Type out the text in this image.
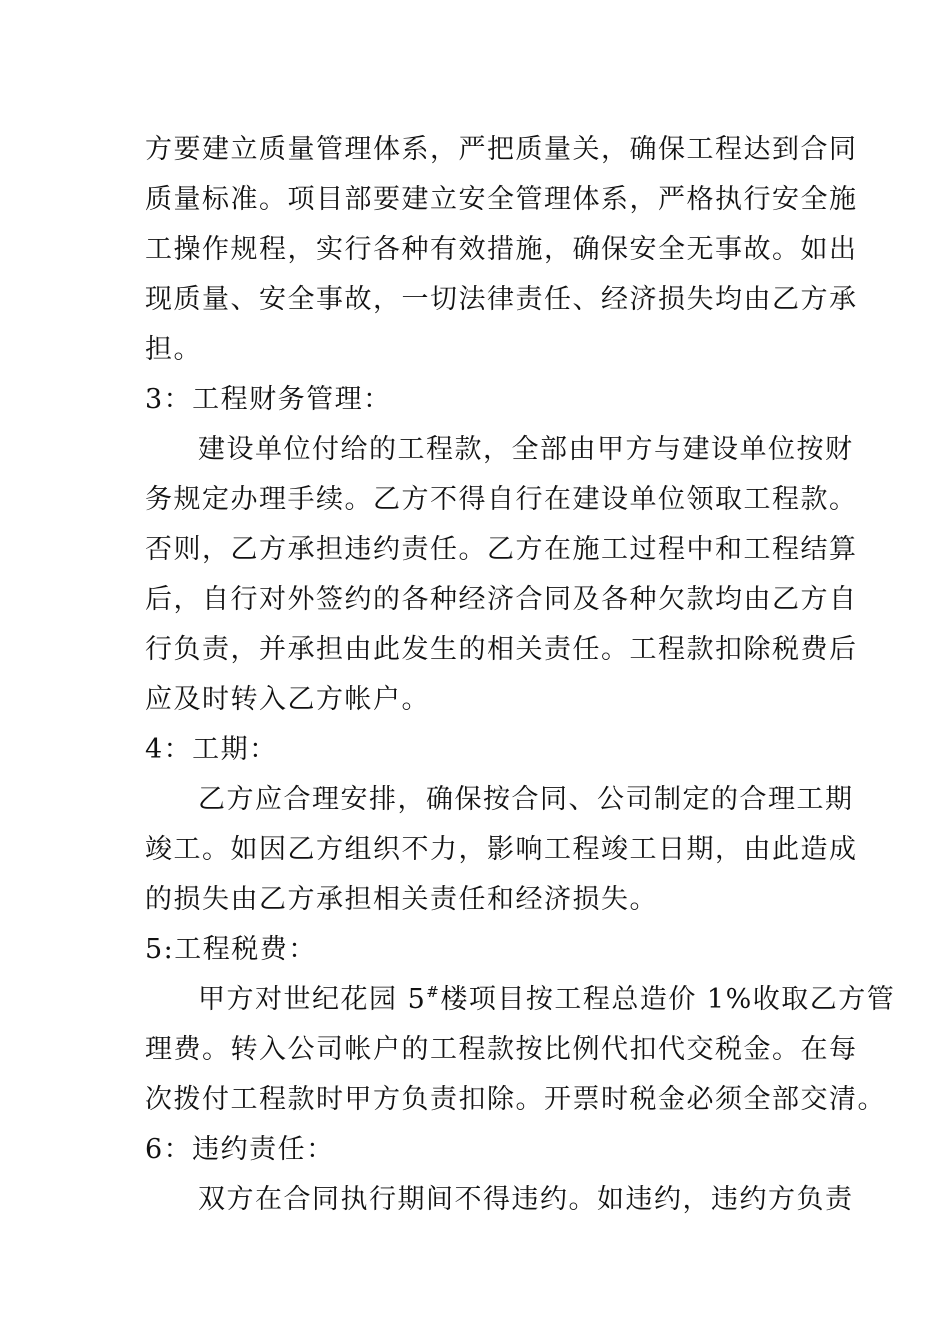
方要建立质量管理体系，严把质量关，确保工程达到合同
质量标准。项目部要建立安全管理体系，严格执行安全施
工操作规程，实行各种有效措施，确保安全无事故。如出
现质量、安全事故，一切法律责任、经济损失均由乙方承
担。
3：工程财务管理：
建设单位付给的工程款，全部由甲方与建设单位按财
务规定办理手续。乙方不得自行在建设单位领取工程款。
否则，乙方承担违约责任。乙方在施工过程中和工程结算
后，自行对外签约的各种经济合同及各种欠款均由乙方自
行负责，并承担由此发生的相关责任。工程款扣除税费后
应及时转入乙方帐户。
4：工期：
乙方应合理安排，确保按合同、公司制定的合理工期
竣工。如因乙方组织不力，影响工程竣工日期，由此造成
的损失由乙方承担相关责任和经济损失。
5:工程税费：
甲方对世纪花园 5#楼项目按工程总造价 1%收取乙方管
理费。转入公司帐户的工程款按比例代扣代交税金。在每
次拨付工程款时甲方负责扣除。开票时税金必须全部交清。
6：违约责任：
双方在合同执行期间不得违约。如违约，违约方负责
